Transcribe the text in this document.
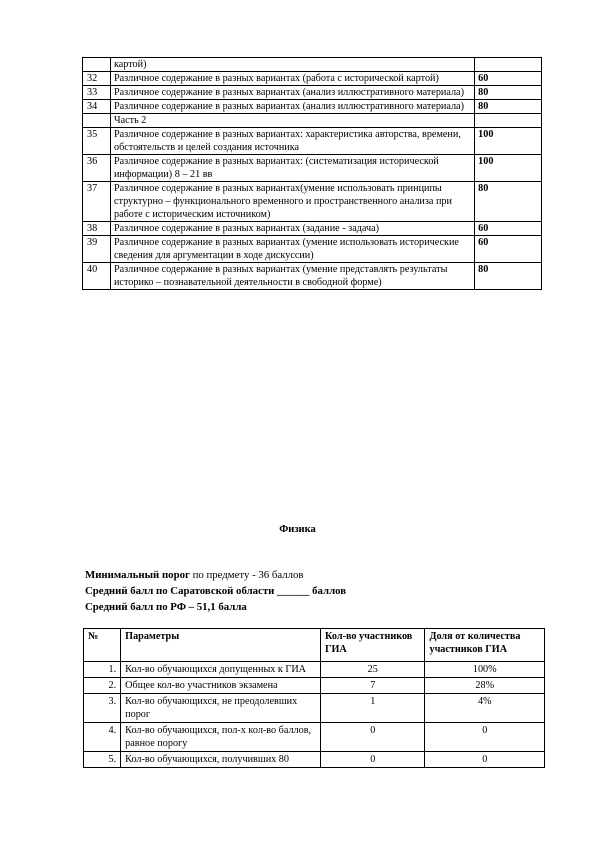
	картой)	
32	Различное содержание в разных вариантах (работа с исторической картой)	60
33	Различное содержание в разных вариантах (анализ иллюстративного материала)	80
34	Различное содержание в разных вариантах (анализ иллюстративного материала)	80
	Часть 2	
35	Различное содержание в разных вариантах: характеристика авторства, времени, обстоятельств и целей создания источника	100
36	Различное содержание в разных вариантах: (систематизация исторической информации) 8 – 21 вв	100
37	Различное содержание в разных вариантах(умение использовать принципы структурно – функционального временного и пространственного анализа при работе с историческим источником)	80
38	Различное содержание в разных вариантах (задание - задача)	60
39	Различное содержание в разных вариантах (умение использовать исторические сведения для аргументации в ходе дискуссии)	60
40	Различное содержание в разных вариантах (умение представлять результаты историко – познавательной деятельности в свободной форме)	80
Физика
Минимальный порог по предмету - 36 баллов
Средний балл по Саратовской области ______ баллов
Средний балл по РФ – 51,1 балла
№	Параметры	Кол-во участников ГИА	Доля от количества участников ГИА
1.	Кол-во обучающихся допущенных к ГИА	25	100%
2.	Общее кол-во участников экзамена	7	28%
3.	Кол-во обучающихся, не преодолевших порог	1	4%
4.	Кол-во обучающихся, пол-х кол-во баллов, равное порогу	0	0
5.	Кол-во обучающихся, получивших 80	0	0
